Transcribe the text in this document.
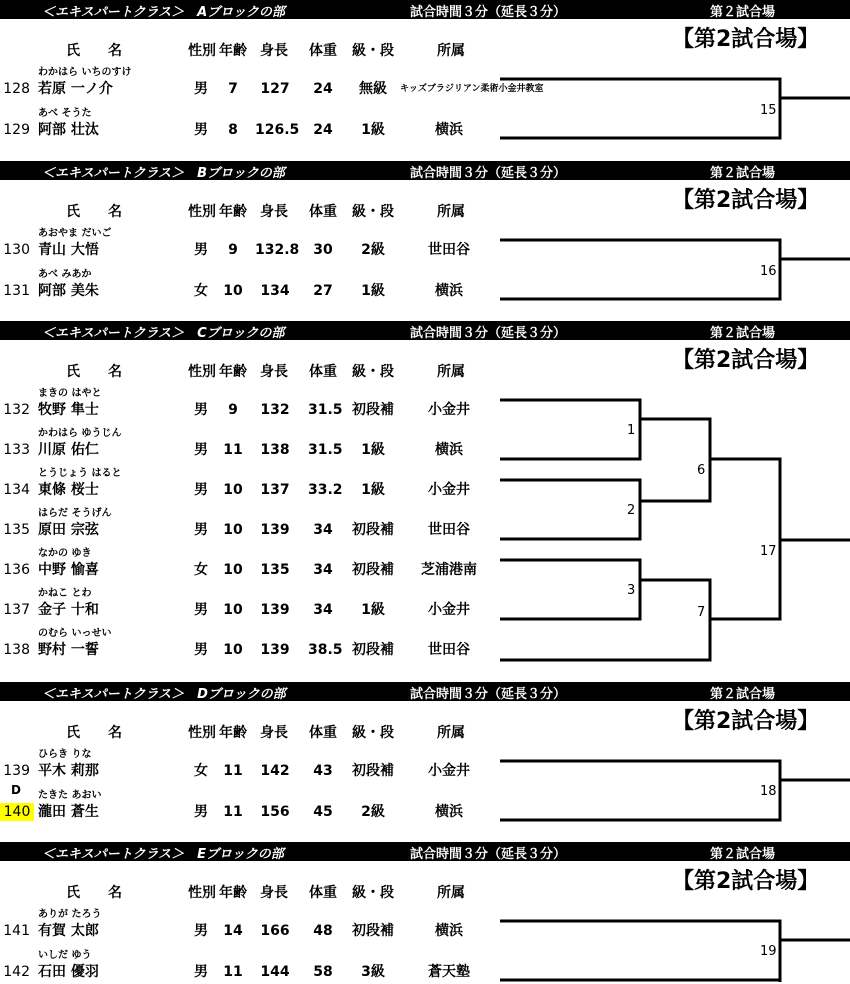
＜エキスパートクラス＞　Aブロックの部	試合時間３分（延長３分）	第２試合場
【第2試合場】
氏　　名	性別 年齢 身長 体重 級・段	所属
わかはら いちのすけ
128 若原 一ノ介	男	7	127	24	無級	キッズブラジリアン柔術小金井教室
あべ そうた
129 阿部 壮汰	男	8	126.5 24	1級	横浜
15
＜エキスパートクラス＞　Bブロックの部	試合時間３分（延長３分）	第２試合場
【第2試合場】
氏　　名	性別 年齢 身長 体重 級・段	所属
あおやま だいご
130 青山 大悟	男	9	132.8 30	2級	世田谷
あべ みあか
131 阿部 美朱	女 10	134	27	1級	横浜
16
＜エキスパートクラス＞　Cブロックの部	試合時間３分（延長３分）	第２試合場
【第2試合場】
氏　　名	性別 年齢 身長 体重 級・段	所属
まきの はやと
132 牧野 隼士	男	9	132	31.5 初段補	小金井
かわはら ゆうじん
133 川原 佑仁	男 11	138	31.5	1級	横浜
とうじょう はると
134 東條 桜士	男 10	137	33.2	1級	小金井
はらだ そうげん
135 原田 宗弦	男 10	139	34	初段補	世田谷
なかの ゆき
136 中野 愉喜	女 10	135	34	初段補	芝浦港南
かねこ とわ
137 金子 十和	男 10	139	34	1級	小金井
のむら いっせい
138 野村 一誓	男 10	139	38.5 初段補	世田谷
1
2
6
3
7
17
＜エキスパートクラス＞　Dブロックの部	試合時間３分（延長３分）	第２試合場
【第2試合場】
氏　　名	性別 年齢 身長 体重 級・段	所属
ひらき りな
139 平木 莉那	女 11	142	43	初段補	小金井
D たきた あおい
140 瀧田 蒼生	男 11	156	45	2級	横浜
18
＜エキスパートクラス＞　Eブロックの部	試合時間３分（延長３分）	第２試合場
【第2試合場】
氏　　名	性別 年齢 身長 体重 級・段	所属
ありが たろう
141 有賀 太郎	男 14	166	48	初段補	横浜
いしだ ゆう
142 石田 優羽	男 11	144	58	3級	蒼天塾
19
